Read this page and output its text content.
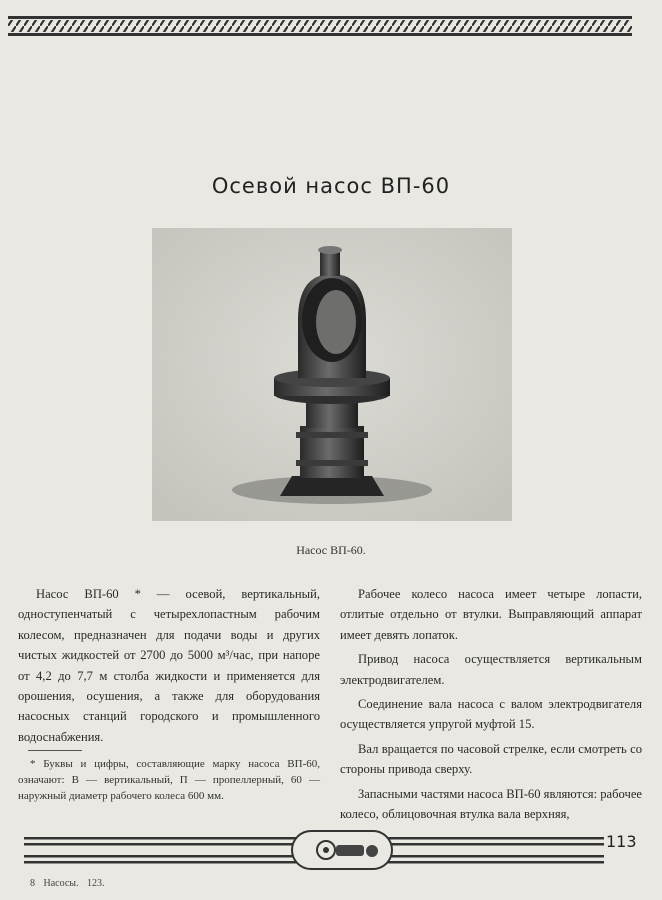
Осевой насос ВП-60
Насос ВП-60.

Насос ВП-60 * — осевой, вертикальный, одноступенчатый с четырехлопастным рабочим колесом, предназначен для подачи воды и других чистых жидкостей от 2700 до 5000 м³/час, при напоре от 4,2 до 7,7 м столба жидкости и применяется для орошения, осушения, а также для оборудования насосных станций городского и промышленного водоснабжения.

* Буквы и цифры, составляющие марку насоса ВП-60, означают: В — вертикальный, П — пропеллерный, 60 — наружный диаметр рабочего колеса 600 мм.

Рабочее колесо насоса имеет четыре лопасти, отлитые отдельно от втулки. Выправляющий аппарат имеет девять лопаток.

Привод насоса осуществляется вертикальным электродвигателем.

Соединение вала насоса с валом электродвигателя осуществляется упругой муфтой 15.

Вал вращается по часовой стрелке, если смотреть со стороны привода сверху.

Запасными частями насоса ВП-60 являются: рабочее колесо, облицовочная втулка вала верхняя,

113
8 Насосы. 123.
